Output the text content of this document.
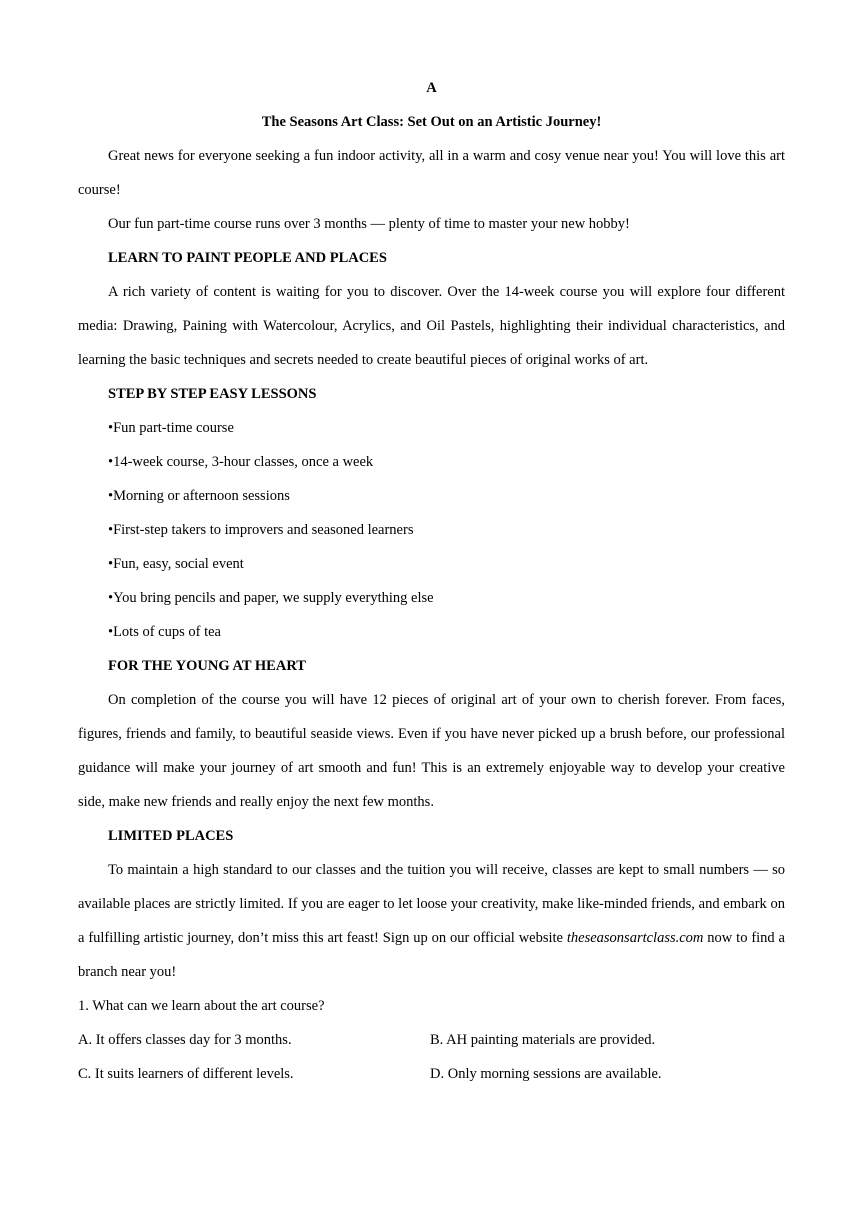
A

The Seasons Art Class: Set Out on an Artistic Journey!

Great news for everyone seeking a fun indoor activity, all in a warm and cosy venue near you! You will love this art course!

Our fun part-time course runs over 3 months — plenty of time to master your new hobby!

LEARN TO PAINT PEOPLE AND PLACES

A rich variety of content is waiting for you to discover. Over the 14-week course you will explore four different media: Drawing, Paining with Watercolour, Acrylics, and Oil Pastels, highlighting their individual characteristics, and learning the basic techniques and secrets needed to create beautiful pieces of original works of art.

STEP BY STEP EASY LESSONS

•Fun part-time course

•14-week course, 3-hour classes, once a week

•Morning or afternoon sessions

•First-step takers to improvers and seasoned learners

•Fun, easy, social event

•You bring pencils and paper, we supply everything else

•Lots of cups of tea

FOR THE YOUNG AT HEART

On completion of the course you will have 12 pieces of original art of your own to cherish forever. From faces, figures, friends and family, to beautiful seaside views. Even if you have never picked up a brush before, our professional guidance will make your journey of art smooth and fun! This is an extremely enjoyable way to develop your creative side, make new friends and really enjoy the next few months.

LIMITED PLACES

To maintain a high standard to our classes and the tuition you will receive, classes are kept to small numbers — so available places are strictly limited. If you are eager to let loose your creativity, make like-minded friends, and embark on a fulfilling artistic journey, don’t miss this art feast! Sign up on our official website theseasonsartclass.com now to find a branch near you!

1. What can we learn about the art course?

A. It offers classes day for 3 months.	B. AH painting materials are provided.
C. It suits learners of different levels.	D. Only morning sessions are available.
